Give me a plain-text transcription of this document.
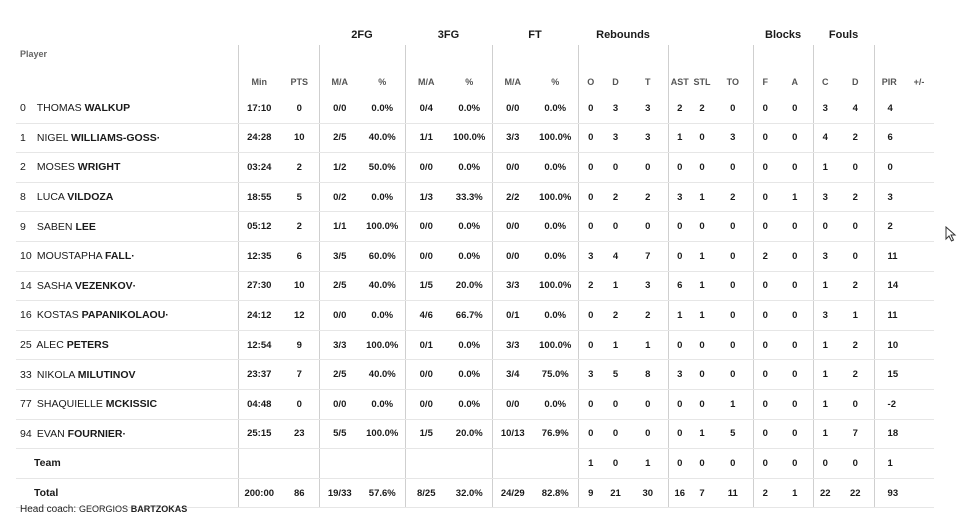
			2FG		3FG		FT		Rebounds						Blocks		Fouls			
Player	Min	PTS	M/A	%	M/A	%	M/A	%	O	D	T	AST	STL	TO	F	A	C	D	PIR	+/-
0 THOMAS WALKUP	17:10	0	0/0	0.0%	0/4	0.0%	0/0	0.0%	0	3	3	2	2	0	0	0	3	4	4	
1 NIGEL WILLIAMS-GOSS·	24:28	10	2/5	40.0%	1/1	100.0%	3/3	100.0%	0	3	3	1	0	3	0	0	4	2	6	
2 MOSES WRIGHT	03:24	2	1/2	50.0%	0/0	0.0%	0/0	0.0%	0	0	0	0	0	0	0	0	1	0	0	
8 LUCA VILDOZA	18:55	5	0/2	0.0%	1/3	33.3%	2/2	100.0%	0	2	2	3	1	2	0	1	3	2	3	
9 SABEN LEE	05:12	2	1/1	100.0%	0/0	0.0%	0/0	0.0%	0	0	0	0	0	0	0	0	0	0	2	
10 MOUSTAPHA FALL·	12:35	6	3/5	60.0%	0/0	0.0%	0/0	0.0%	3	4	7	0	1	0	2	0	3	0	11	
14 SASHA VEZENKOV·	27:30	10	2/5	40.0%	1/5	20.0%	3/3	100.0%	2	1	3	6	1	0	0	0	1	2	14	
16 KOSTAS PAPANIKOLAOU·	24:12	12	0/0	0.0%	4/6	66.7%	0/1	0.0%	0	2	2	1	1	0	0	0	3	1	11	
25 ALEC PETERS	12:54	9	3/3	100.0%	0/1	0.0%	3/3	100.0%	0	1	1	0	0	0	0	0	1	2	10	
33 NIKOLA MILUTINOV	23:37	7	2/5	40.0%	0/0	0.0%	3/4	75.0%	3	5	8	3	0	0	0	0	1	2	15	
77 SHAQUIELLE MCKISSIC	04:48	0	0/0	0.0%	0/0	0.0%	0/0	0.0%	0	0	0	0	0	1	0	0	1	0	-2	
94 EVAN FOURNIER·	25:15	23	5/5	100.0%	1/5	20.0%	10/13	76.9%	0	0	0	0	1	5	0	0	1	7	18	
Team									1	0	1	0	0	0	0	0	0	0	1	
Total	200:00	86	19/33	57.6%	8/25	32.0%	24/29	82.8%	9	21	30	16	7	11	2	1	22	22	93	
Head coach: GEORGIOS BARTZOKAS
